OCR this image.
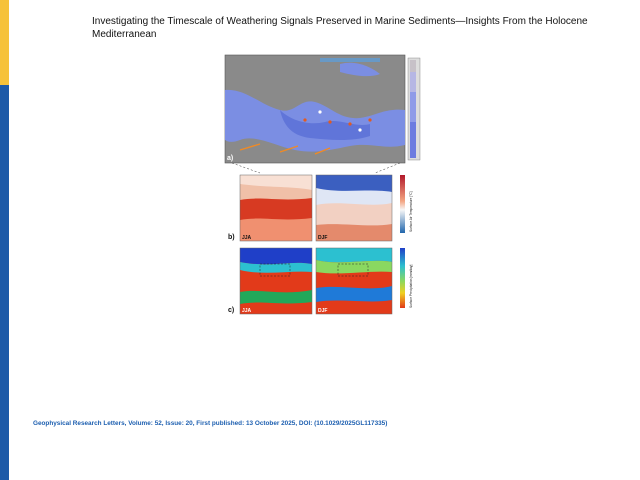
Investigating the Timescale of Weathering Signals Preserved in Marine Sediments—Insights From the Holocene Mediterranean
a)
JJA	DJF
Surface Air Temperature [°C]
b)
JJA	DJF
Surface Precipitation [mm/day]
c)
Geophysical Research Letters, Volume: 52, Issue: 20, First published: 13 October 2025, DOI: (10.1029/2025GL117335)
